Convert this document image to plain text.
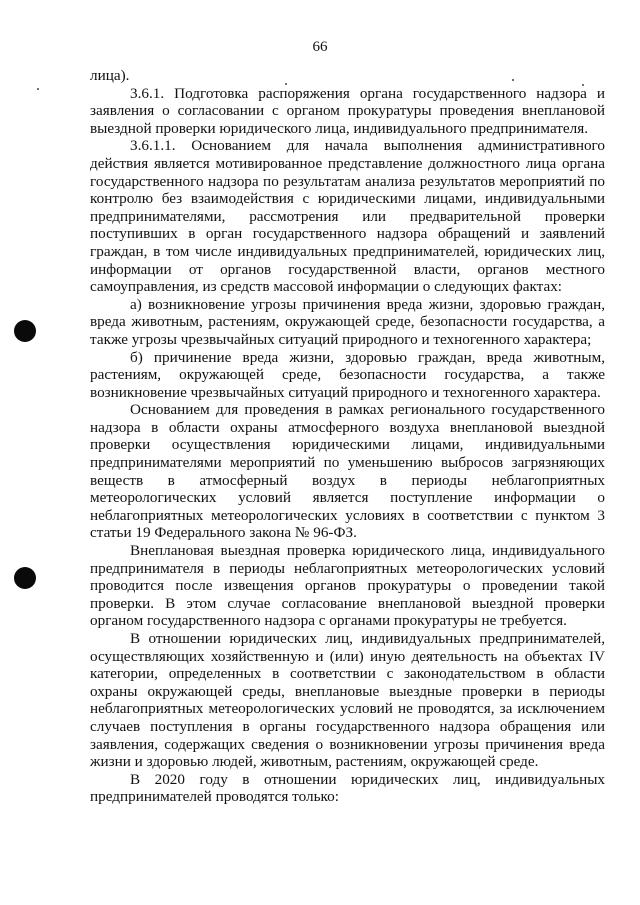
66

лица).

3.6.1. Подготовка распоряжения органа государственного надзора и заявления о согласовании с органом прокуратуры проведения внеплановой выездной проверки юридического лица, индивидуального предпринимателя.

3.6.1.1. Основанием для начала выполнения административного действия является мотивированное представление должностного лица органа государственного надзора по результатам анализа результатов мероприятий по контролю без взаимодействия с юридическими лицами, индивидуальными предпринимателями, рассмотрения или предварительной проверки поступивших в орган государственного надзора обращений и заявлений граждан, в том числе индивидуальных предпринимателей, юридических лиц, информации от органов государственной власти, органов местного самоуправления, из средств массовой информации о следующих фактах:

а) возникновение угрозы причинения вреда жизни, здоровью граждан, вреда животным, растениям, окружающей среде, безопасности государства, а также угрозы чрезвычайных ситуаций природного и техногенного характера;

б) причинение вреда жизни, здоровью граждан, вреда животным, растениям, окружающей среде, безопасности государства, а также возникновение чрезвычайных ситуаций природного и техногенного характера.

Основанием для проведения в рамках регионального государственного надзора в области охраны атмосферного воздуха внеплановой выездной проверки осуществления юридическими лицами, индивидуальными предпринимателями мероприятий по уменьшению выбросов загрязняющих веществ в атмосферный воздух в периоды неблагоприятных метеорологических условий является поступление информации о неблагоприятных метеорологических условиях в соответствии с пунктом 3 статьи 19 Федерального закона № 96-ФЗ.

Внеплановая выездная проверка юридического лица, индивидуального предпринимателя в периоды неблагоприятных метеорологических условий проводится после извещения органов прокуратуры о проведении такой проверки. В этом случае согласование внеплановой выездной проверки органом государственного надзора с органами прокуратуры не требуется.

В отношении юридических лиц, индивидуальных предпринимателей, осуществляющих хозяйственную и (или) иную деятельность на объектах IV категории, определенных в соответствии с законодательством в области охраны окружающей среды, внеплановые выездные проверки в периоды неблагоприятных метеорологических условий не проводятся, за исключением случаев поступления в органы государственного надзора обращения или заявления, содержащих сведения о возникновении угрозы причинения вреда жизни и здоровью людей, животным, растениям, окружающей среде.

В 2020 году в отношении юридических лиц, индивидуальных предпринимателей проводятся только:
